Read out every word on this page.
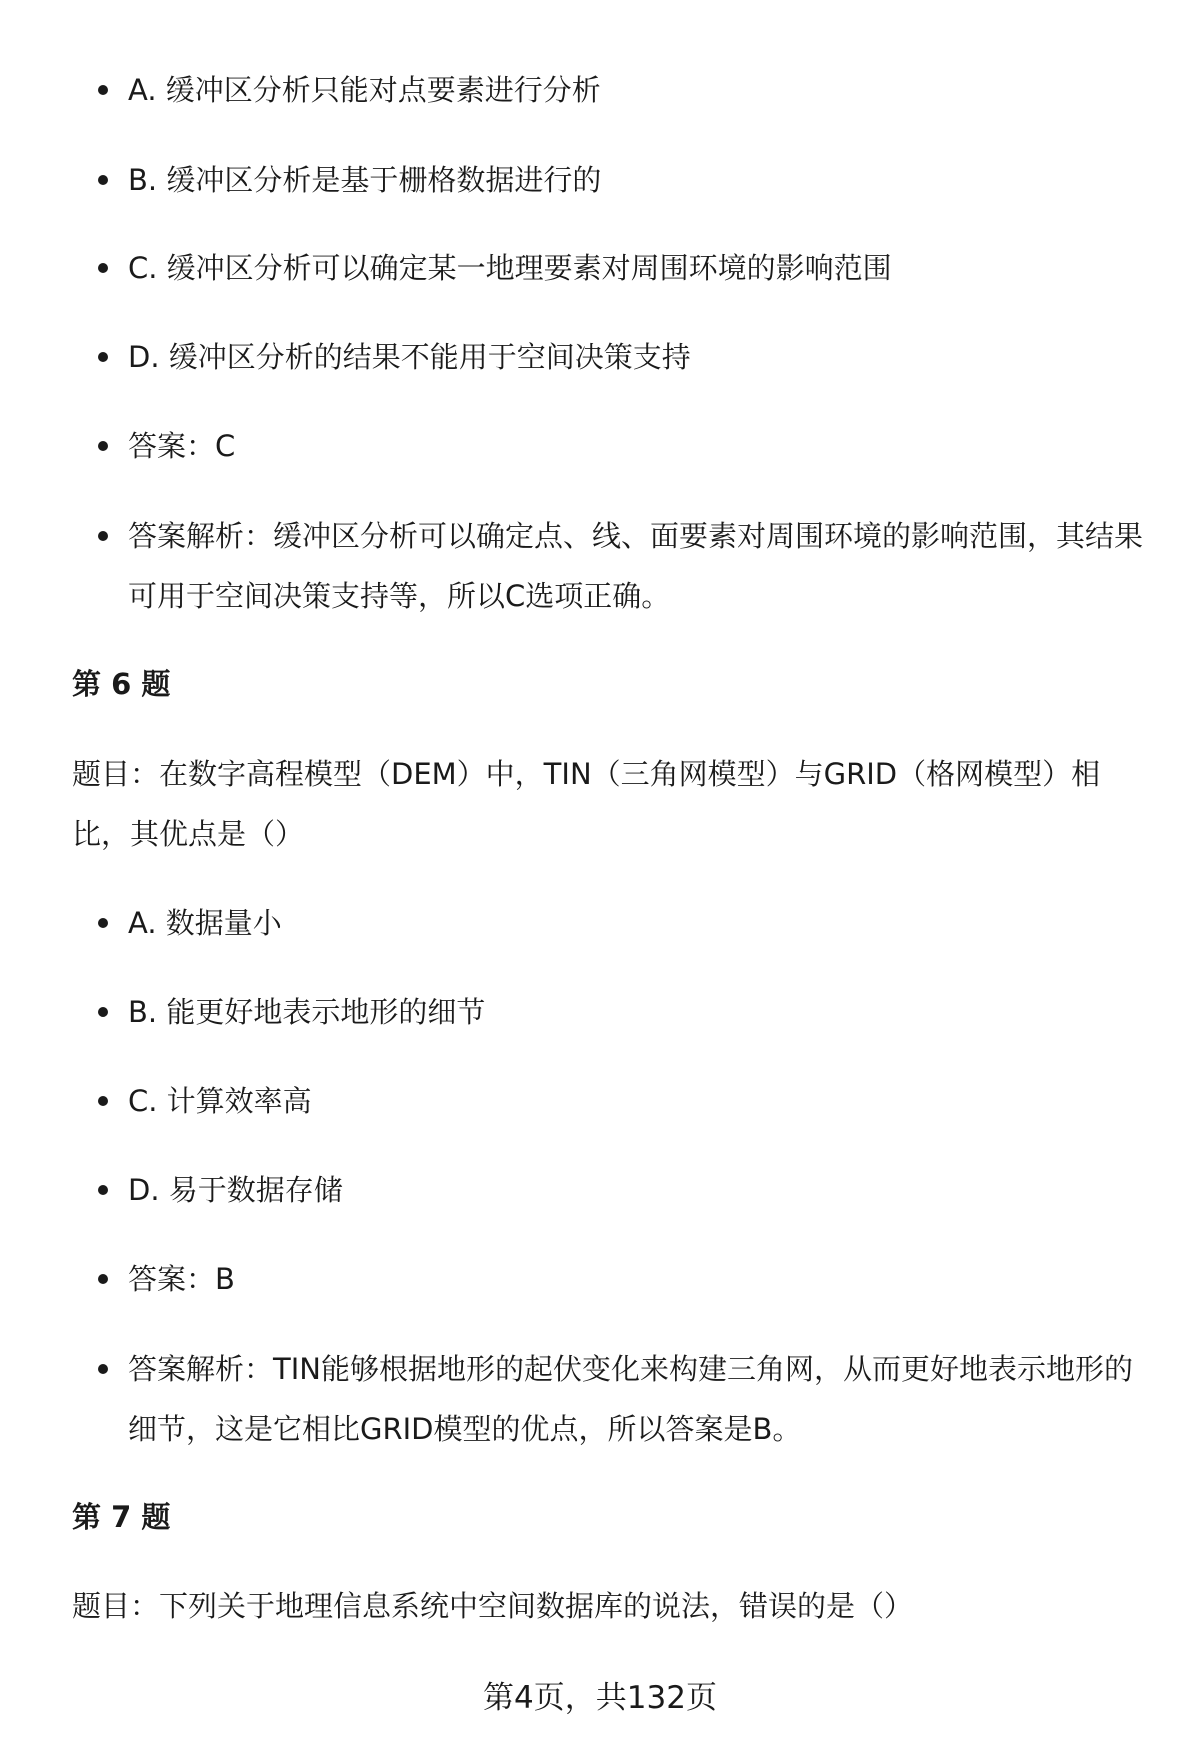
A. 缓冲区分析只能对点要素进行分析
B. 缓冲区分析是基于栅格数据进行的
C. 缓冲区分析可以确定某一地理要素对周围环境的影响范围
D. 缓冲区分析的结果不能用于空间决策支持
答案：C
答案解析：缓冲区分析可以确定点、线、面要素对周围环境的影响范围，其结果可用于空间决策支持等，所以C选项正确。
第 6 题
题目：在数字高程模型（DEM）中，TIN（三角网模型）与GRID（格网模型）相比，其优点是（）
A. 数据量小
B. 能更好地表示地形的细节
C. 计算效率高
D. 易于数据存储
答案：B
答案解析：TIN能够根据地形的起伏变化来构建三角网，从而更好地表示地形的细节，这是它相比GRID模型的优点，所以答案是B。
第 7 题
题目：下列关于地理信息系统中空间数据库的说法，错误的是（）
第4页，共132页
